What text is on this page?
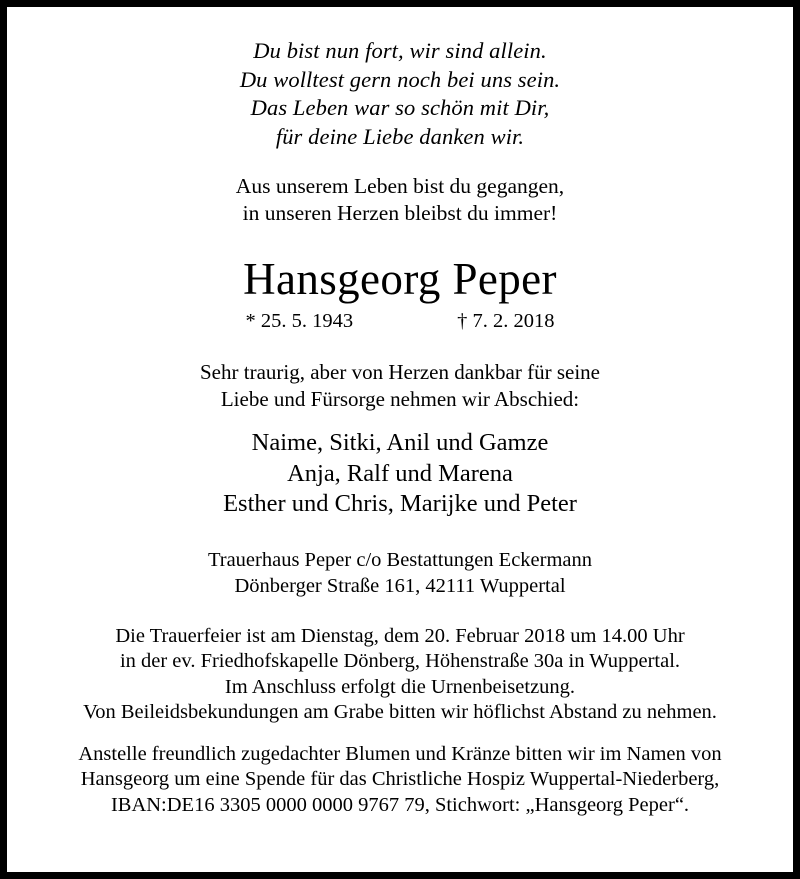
Du bist nun fort, wir sind allein.
Du wolltest gern noch bei uns sein.
Das Leben war so schön mit Dir,
für deine Liebe danken wir.
Aus unserem Leben bist du gegangen,
in unseren Herzen bleibst du immer!
Hansgeorg Peper
* 25. 5. 1943	† 7. 2. 2018
Sehr traurig, aber von Herzen dankbar für seine
Liebe und Fürsorge nehmen wir Abschied:
Naime, Sitki, Anil und Gamze
Anja, Ralf und Marena
Esther und Chris, Marijke und Peter
Trauerhaus Peper c/o Bestattungen Eckermann
Dönberger Straße 161, 42111 Wuppertal
Die Trauerfeier ist am Dienstag, dem 20. Februar 2018 um 14.00 Uhr
in der ev. Friedhofskapelle Dönberg, Höhenstraße 30a in Wuppertal.
Im Anschluss erfolgt die Urnenbeisetzung.
Von Beileidsbekundungen am Grabe bitten wir höflichst Abstand zu nehmen.
Anstelle freundlich zugedachter Blumen und Kränze bitten wir im Namen von
Hansgeorg um eine Spende für das Christliche Hospiz Wuppertal-Niederberg,
IBAN:DE16 3305 0000 0000 9767 79, Stichwort: „Hansgeorg Peper“.
